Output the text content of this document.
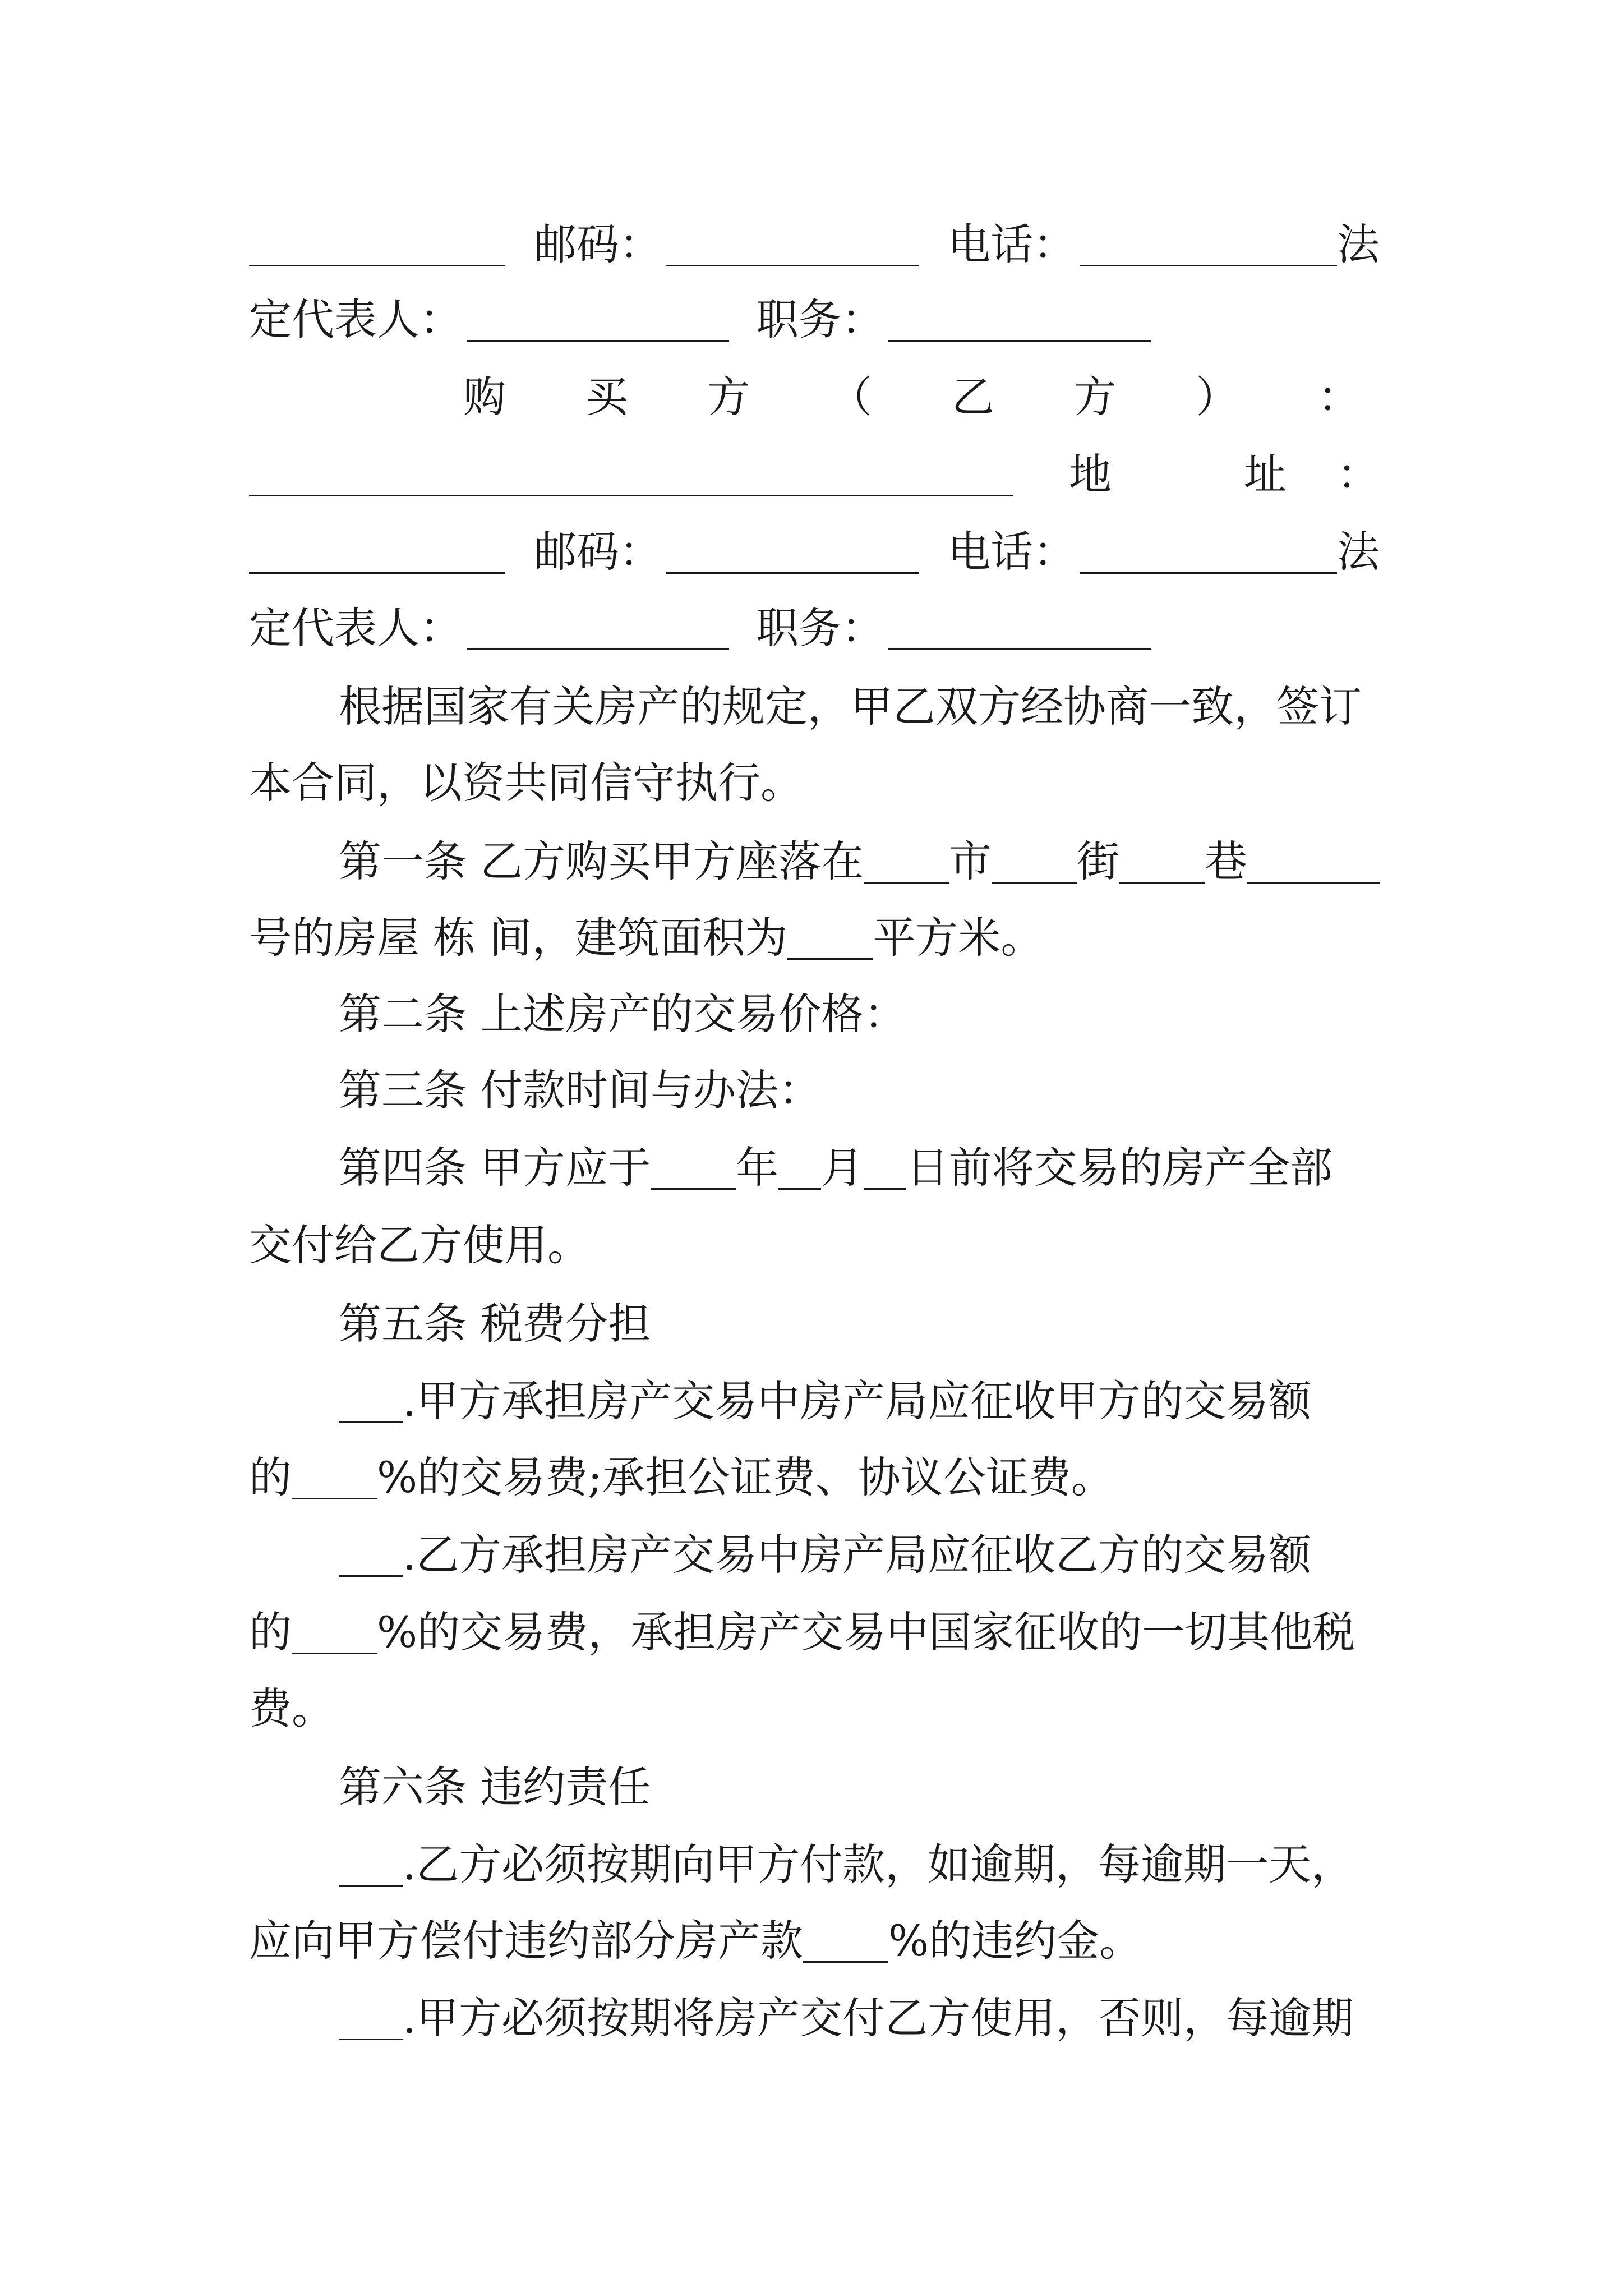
邮码：	电话：	法
定代表人：	职务：
购 买 方 （ 乙 方 ） ：
地	址 ：
邮码：	电话：	法
定代表人：	职务：
根据国家有关房产的规定，甲乙双方经协商一致，签订
本合同，以资共同信守执行。
第一条 乙方购买甲方座落在 市 街 巷
号的房屋 栋 间，建筑面积为 平方米。
第二条 上述房产的交易价格：
第三条 付款时间与办法：
第四条 甲方应于 年 月 日前将交易的房产全部
交付给乙方使用。
第五条 税费分担
.甲方承担房产交易中房产局应征收甲方的交易额
的 %的交易费;承担公证费、协议公证费。
.乙方承担房产交易中房产局应征收乙方的交易额
的 %的交易费，承担房产交易中国家征收的一切其他税
费。
第六条 违约责任
.乙方必须按期向甲方付款，如逾期，每逾期一天，
应向甲方偿付违约部分房产款 %的违约金。
.甲方必须按期将房产交付乙方使用，否则，每逾期
